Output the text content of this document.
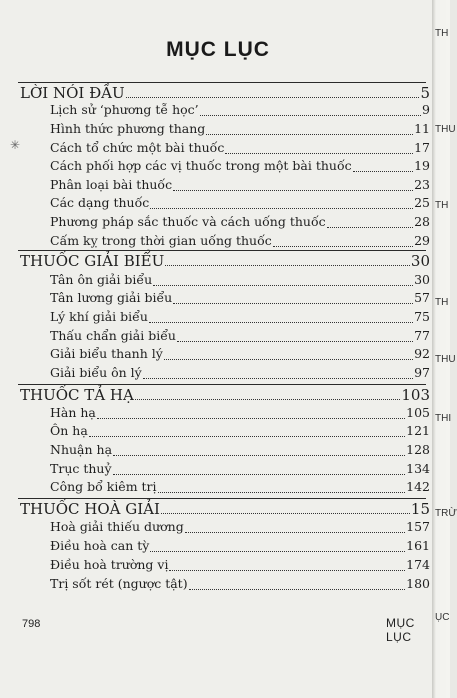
MỤC LỤC
✳
LỜI NÓI ĐẦU	5
Lịch sử ‘phương tễ học’	9
Hình thức phương thang	11
Cách tổ chức một bài thuốc	17
Cách phối hợp các vị thuốc trong một bài thuốc	19
Phân loại bài thuốc	23
Các dạng thuốc	25
Phương pháp sắc thuốc và cách uống thuốc	28
Cấm kỵ trong thời gian uống thuốc	29
THUỐC GIẢI BIỂU	30
Tân ôn giải biểu	30
Tân lương giải biểu	57
Lý khí giải biểu	75
Thấu chẩn giải biểu	77
Giải biểu thanh lý	92
Giải biểu ôn lý	97
THUỐC TẢ HẠ	103
Hàn hạ	105
Ôn hạ	121
Nhuận hạ	128
Trục thuỷ	134
Công bổ kiêm trị	142
THUỐC HOÀ GIẢI	15
Hoà giải thiếu dương	157
Điều hoà can tỳ	161
Điều hoà trường vị	174
Trị sốt rét (ngược tật)	180
798	MỤC LỤC
TH
THU
TH
TH
THU
THI
TRỪ
ỤC
